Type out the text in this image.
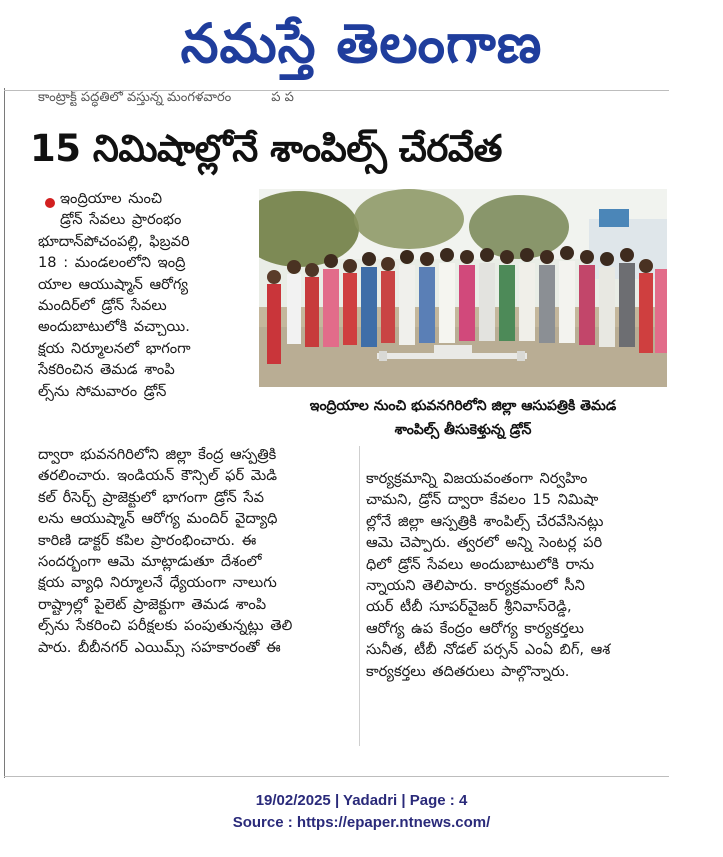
నమస్తే తెలంగాణ
కాంట్రాక్ట్ పద్ధతిలో వస్తున్న మంగళవారం	ప ప
15 నిమిషాల్లోనే శాంపిల్స్ చేరవేత
ఇంద్రియాల నుంచి
డ్రోన్ సేవలు ప్రారంభం
భూదాన్‌పోచంపల్లి, ఫిబ్రవరి
18 : మండలంలోని ఇంద్రి
యాల ఆయుష్మాన్ ఆరోగ్య
మందిర్‌లో డ్రోన్ సేవలు
అందుబాటులోకి వచ్చాయి.
క్షయ నిర్మూలనలో భాగంగా
సేకరించిన తెమడ శాంపి
ల్స్‌ను సోమవారం డ్రోన్
ఇంద్రియాల నుంచి భువనగిరిలోని జిల్లా ఆసుపత్రికి తెమడ
శాంపిల్స్ తీసుకెళ్తున్న డ్రోన్
ద్వారా భువనగిరిలోని జిల్లా కేంద్ర ఆస్పత్రికి
తరలించారు. ఇండియన్ కౌన్సిల్ ఫర్ మెడి
కల్ రీసెర్చ్ ప్రాజెక్టులో భాగంగా డ్రోన్ సేవ
లను ఆయుష్మాన్ ఆరోగ్య మందిర్ వైద్యాధి
కారిణి డాక్టర్ కపిల ప్రారంభించారు. ఈ
సందర్భంగా ఆమె మాట్లాడుతూ దేశంలో
క్షయ వ్యాధి నిర్మూలనే ధ్యేయంగా నాలుగు
రాష్ట్రాల్లో పైలెట్ ప్రాజెక్టుగా తెమడ శాంపి
ల్స్‌ను సేకరించి పరీక్షలకు పంపుతున్నట్లు తెలి
పారు. బీబీనగర్ ఎయిమ్స్ సహకారంతో ఈ
కార్యక్రమాన్ని విజయవంతంగా నిర్వహిం
చామని, డ్రోన్ ద్వారా కేవలం 15 నిమిషా
ల్లోనే జిల్లా ఆస్పత్రికి శాంపిల్స్ చేరవేసినట్లు
ఆమె చెప్పారు. త్వరలో అన్ని సెంటర్ల పరి
ధిలో డ్రోన్ సేవలు అందుబాటులోకి రాను
న్నాయని తెలిపారు. కార్యక్రమంలో సీని
యర్ టీబీ సూపర్‌వైజర్ శ్రీనివాస్‌రెడ్డి,
ఆరోగ్య ఉప కేంద్రం ఆరోగ్య కార్యకర్తలు
సునీత, టీబీ నోడల్ పర్సన్ ఎంఏ బిగ్, ఆశ
కార్యకర్తలు తదితరులు పాల్గొన్నారు.
19/02/2025 | Yadadri | Page : 4
Source : https://epaper.ntnews.com/
